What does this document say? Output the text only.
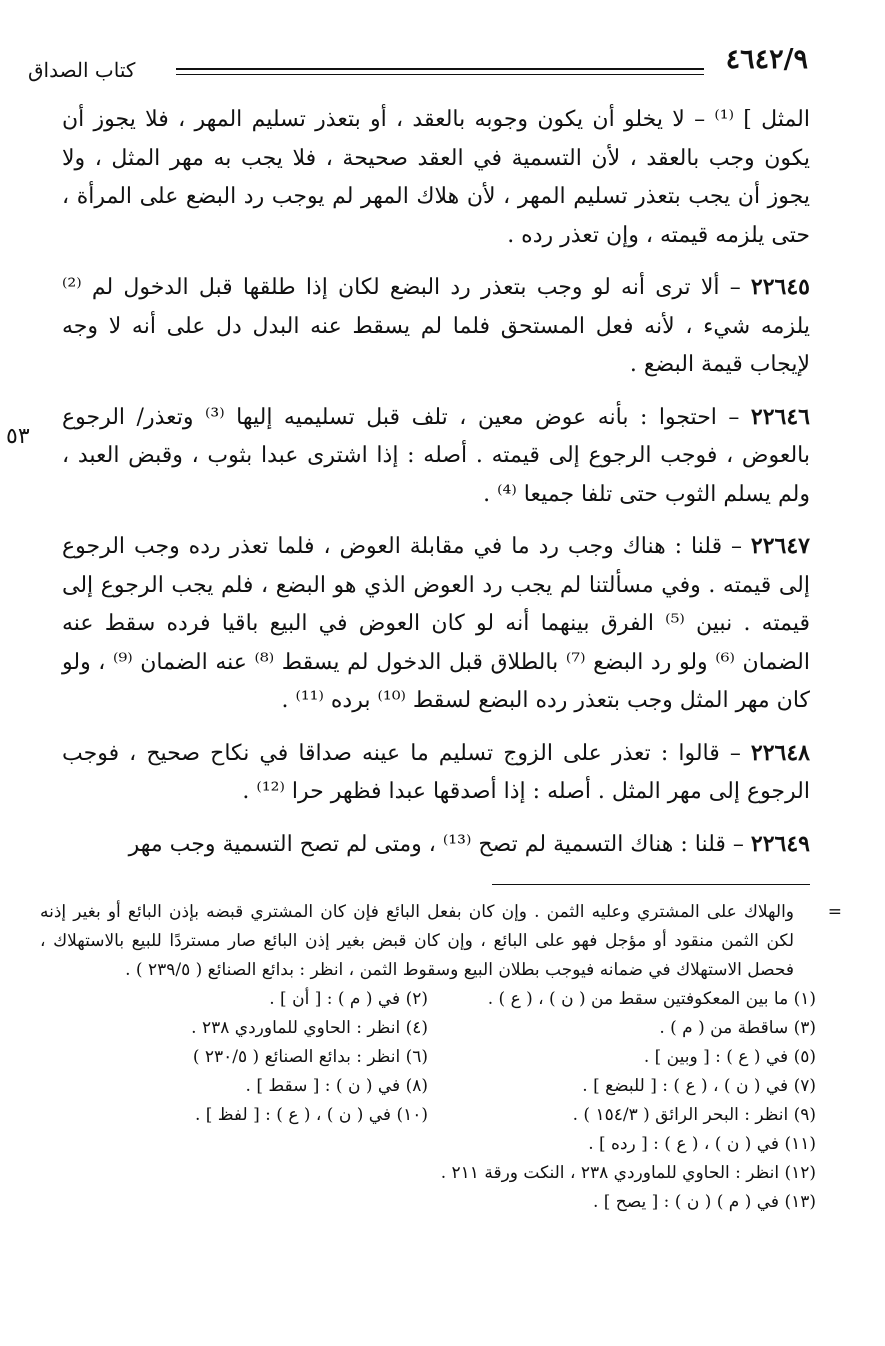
٤٦٤٢/٩
كتاب الصداق
٥٣

المثل ] ⁽¹⁾ – لا يخلو أن يكون وجوبه بالعقد ، أو بتعذر تسليم المهر ، فلا يجوز أن يكون وجب بالعقد ، لأن التسمية في العقد صحيحة ، فلا يجب به مهر المثل ، ولا يجوز أن يجب بتعذر تسليم المهر ، لأن هلاك المهر لم يوجب رد البضع على المرأة ، حتى يلزمه قيمته ، وإن تعذر رده .

٢٢٦٤٥ – ألا ترى أنه لو وجب بتعذر رد البضع لكان إذا طلقها قبل الدخول لم ⁽²⁾ يلزمه شيء ، لأنه فعل المستحق فلما لم يسقط عنه البدل دل على أنه لا وجه لإيجاب قيمة البضع .

٢٢٦٤٦ – احتجوا : بأنه عوض معين ، تلف قبل تسليميه إليها ⁽³⁾ وتعذر/ الرجوع بالعوض ، فوجب الرجوع إلى قيمته . أصله : إذا اشترى عبدا بثوب ، وقبض العبد ، ولم يسلم الثوب حتى تلفا جميعا ⁽⁴⁾ .

٢٢٦٤٧ – قلنا : هناك وجب رد ما في مقابلة العوض ، فلما تعذر رده وجب الرجوع إلى قيمته . وفي مسألتنا لم يجب رد العوض الذي هو البضع ، فلم يجب الرجوع إلى قيمته . نبين ⁽⁵⁾ الفرق بينهما أنه لو كان العوض في البيع باقيا فرده سقط عنه الضمان ⁽⁶⁾ ولو رد البضع ⁽⁷⁾ بالطلاق قبل الدخول لم يسقط ⁽⁸⁾ عنه الضمان ⁽⁹⁾ ، ولو كان مهر المثل وجب بتعذر رده البضع لسقط ⁽¹⁰⁾ برده ⁽¹¹⁾ .

٢٢٦٤٨ – قالوا : تعذر على الزوج تسليم ما عينه صداقا في نكاح صحيح ، فوجب الرجوع إلى مهر المثل . أصله : إذا أصدقها عبدا فظهر حرا ⁽¹²⁾ .

٢٢٦٤٩ – قلنا : هناك التسمية لم تصح ⁽¹³⁾ ، ومتى لم تصح التسمية وجب مهر

=
والهلاك على المشتري وعليه الثمن . وإن كان بفعل البائع فإن كان المشتري قبضه بإذن البائع أو بغير إذنه لكن الثمن منقود أو مؤجل فهو على البائع ، وإن كان قبض بغير إذن البائع صار مستردًا للبيع بالاستهلاك ، فحصل الاستهلاك في ضمانه فيوجب بطلان البيع وسقوط الثمن ، انظر : بدائع الصنائع ( ٢٣٩/٥ ) .
(١) ما بين المعكوفتين سقط من ( ن ) ، ( ع ) .
(٢) في ( م ) : [ أن ] .
(٣) ساقطة من ( م ) .
(٤) انظر : الحاوي للماوردي ٢٣٨ .
(٥) في ( ع ) : [ وبين ] .
(٦) انظر : بدائع الصنائع ( ٢٣٠/٥ )
(٧) في ( ن ) ، ( ع ) : [ للبضع ] .
(٨) في ( ن ) : [ سقط ] .
(٩) انظر : البحر الرائق ( ١٥٤/٣ ) .
(١٠) في ( ن ) ، ( ع ) : [ لفظ ] .
(١١) في ( ن ) ، ( ع ) : [ رده ] .
(١٢) انظر : الحاوي للماوردي ٢٣٨ ، النكت ورقة ٢١١ .
(١٣) في ( م ) ( ن ) : [ يصح ] .
